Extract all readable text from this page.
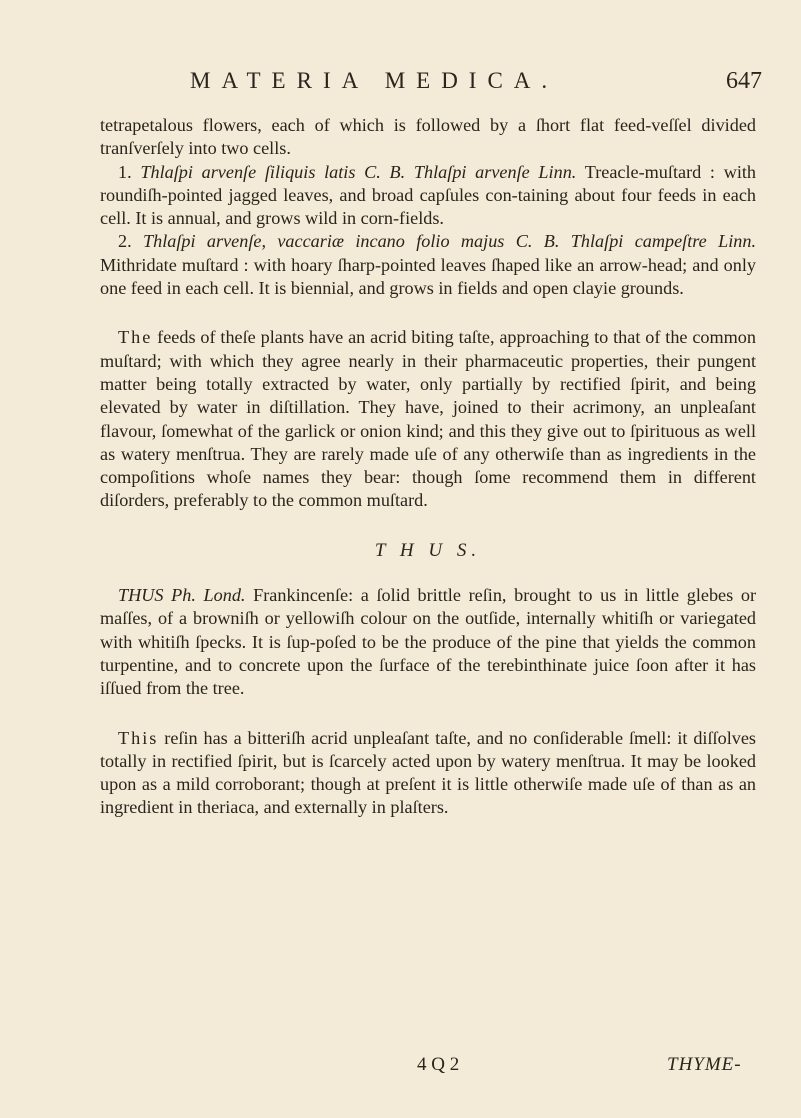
MATERIA MEDICA.	647

tetrapetalous flowers, each of which is followed by a ſhort flat feed-veſſel divided tranſverſely into two cells.

1. Thlaſpi arvenſe ſiliquis latis C. B. Thlaſpi arvenſe Linn. Treacle-muſtard : with roundiſh-pointed jagged leaves, and broad capſules con-taining about four feeds in each cell. It is annual, and grows wild in corn-fields.

2. Thlaſpi arvenſe, vaccariæ incano folio majus C. B. Thlaſpi campeſtre Linn. Mithridate muſtard : with hoary ſharp-pointed leaves ſhaped like an arrow-head; and only one feed in each cell. It is biennial, and grows in fields and open clayie grounds.

The feeds of theſe plants have an acrid biting taſte, approaching to that of the common muſtard; with which they agree nearly in their pharmaceutic properties, their pungent matter being totally extracted by water, only partially by rectified ſpirit, and being elevated by water in diſtillation. They have, joined to their acrimony, an unpleaſant flavour, ſomewhat of the garlick or onion kind; and this they give out to ſpirituous as well as watery menſtrua. They are rarely made uſe of any otherwiſe than as ingredients in the compoſitions whoſe names they bear: though ſome recommend them in different diſorders, preferably to the common muſtard.

T H U S.

THUS Ph. Lond. Frankincenſe: a ſolid brittle reſin, brought to us in little glebes or maſſes, of a browniſh or yellowiſh colour on the outſide, internally whitiſh or variegated with whitiſh ſpecks. It is ſup-poſed to be the produce of the pine that yields the common turpentine, and to concrete upon the ſurface of the terebinthinate juice ſoon after it has iſſued from the tree.

This reſin has a bitteriſh acrid unpleaſant taſte, and no conſiderable ſmell: it diſſolves totally in rectified ſpirit, but is ſcarcely acted upon by watery menſtrua. It may be looked upon as a mild corroborant; though at preſent it is little otherwiſe made uſe of than as an ingredient in theriaca, and externally in plaſters.

4 Q 2	THYME-
